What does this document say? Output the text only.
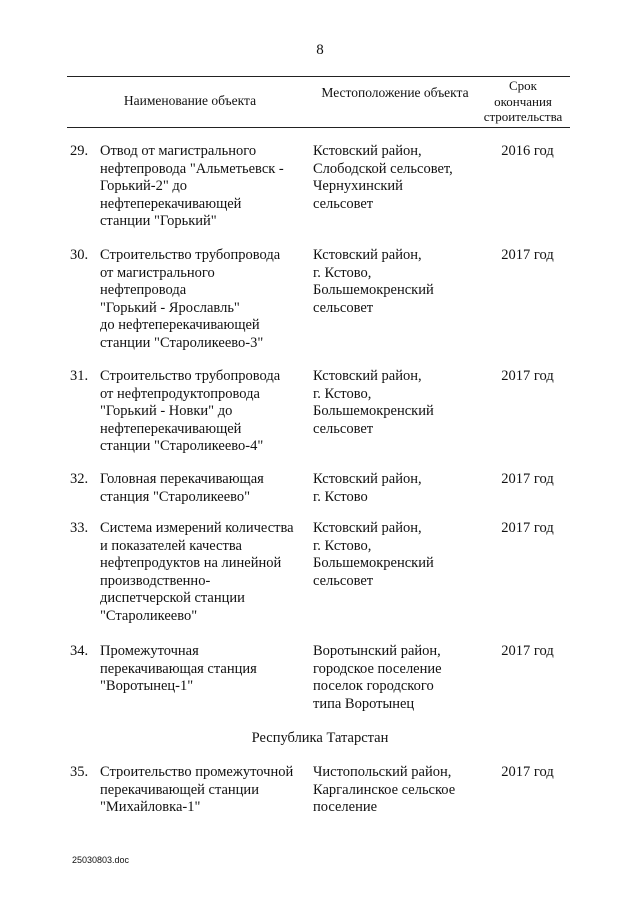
8
Наименование объекта
Местоположение объекта	Срок
окончания
строительства
29. Отвод от магистрального
нефтепровода "Альметьевск -
Горький-2" до
нефтеперекачивающей
станции "Горький"
Кстовский район,
Слободской сельсовет,
Чернухинский
сельсовет
2016 год
30. Строительство трубопровода
от магистрального
нефтепровода
"Горький - Ярославль"
до нефтеперекачивающей
станции "Староликеево-3"
Кстовский район,
г. Кстово,
Большемокренский
сельсовет
2017 год
31. Строительство трубопровода
от нефтепродуктопровода
"Горький - Новки" до
нефтеперекачивающей
станции "Староликеево-4"
Кстовский район,
г. Кстово,
Большемокренский
сельсовет
2017 год
32. Головная перекачивающая
станция "Староликеево"
Кстовский район,
г. Кстово
2017 год
33. Система измерений количества
и показателей качества
нефтепродуктов на линейной
производственно-
диспетчерской станции
"Староликеево"
Кстовский район,
г. Кстово,
Большемокренский
сельсовет
2017 год
34. Промежуточная
перекачивающая станция
"Воротынец-1"
Воротынский район,
городское поселение
поселок городского
типа Воротынец
2017 год
Республика Татарстан
35. Строительство промежуточной
перекачивающей станции
"Михайловка-1"
Чистопольский район,
Каргалинское сельское
поселение
2017 год
25030803.doc
